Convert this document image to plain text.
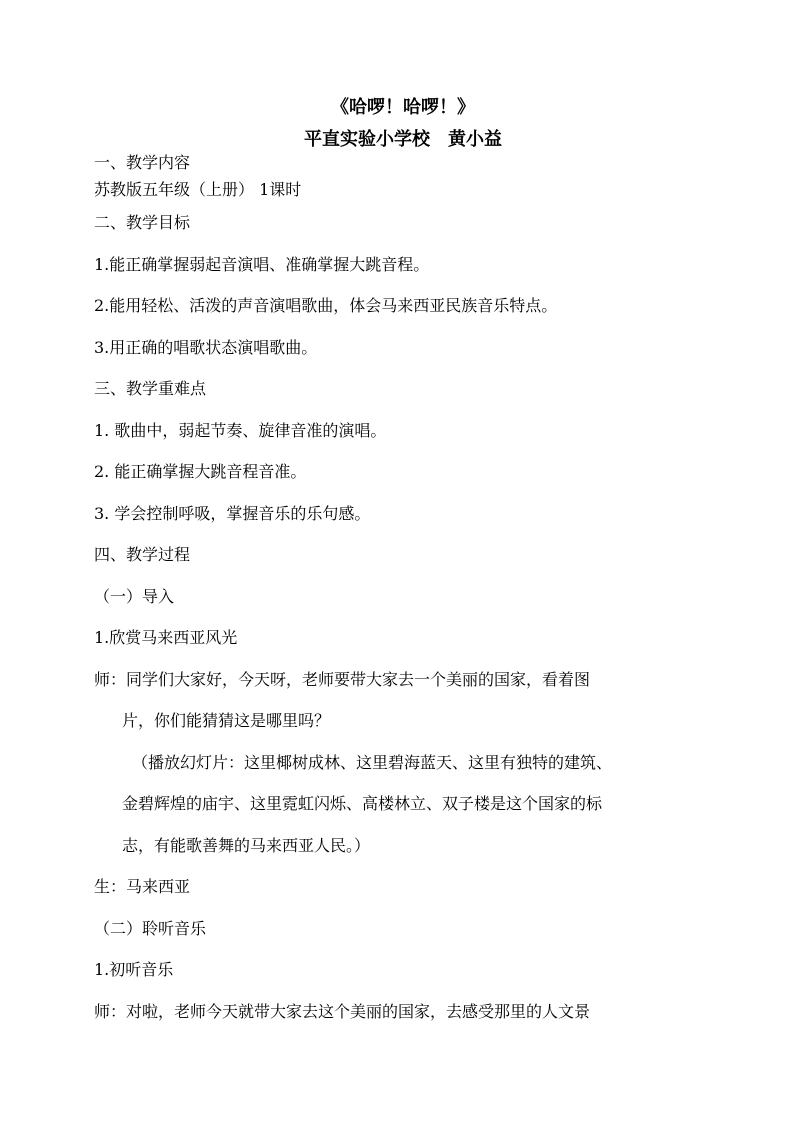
《哈啰！哈啰！》
平直实验小学校　黄小益
一、教学内容
苏教版五年级（上册） 1课时
二、教学目标
1.能正确掌握弱起音演唱、准确掌握大跳音程。
2.能用轻松、活泼的声音演唱歌曲，体会马来西亚民族音乐特点。
3.用正确的唱歌状态演唱歌曲。
三、教学重难点
1. 歌曲中，弱起节奏、旋律音准的演唱。
2. 能正确掌握大跳音程音准。
3. 学会控制呼吸，掌握音乐的乐句感。
四、教学过程
（一）导入
1.欣赏马来西亚风光
师：同学们大家好，今天呀，老师要带大家去一个美丽的国家，看着图
片，你们能猜猜这是哪里吗？
（播放幻灯片：这里椰树成林、这里碧海蓝天、这里有独特的建筑、
金碧辉煌的庙宇、这里霓虹闪烁、高楼林立、双子楼是这个国家的标
志，有能歌善舞的马来西亚人民。）
生：马来西亚
（二）聆听音乐
1.初听音乐
师：对啦，老师今天就带大家去这个美丽的国家，去感受那里的人文景
